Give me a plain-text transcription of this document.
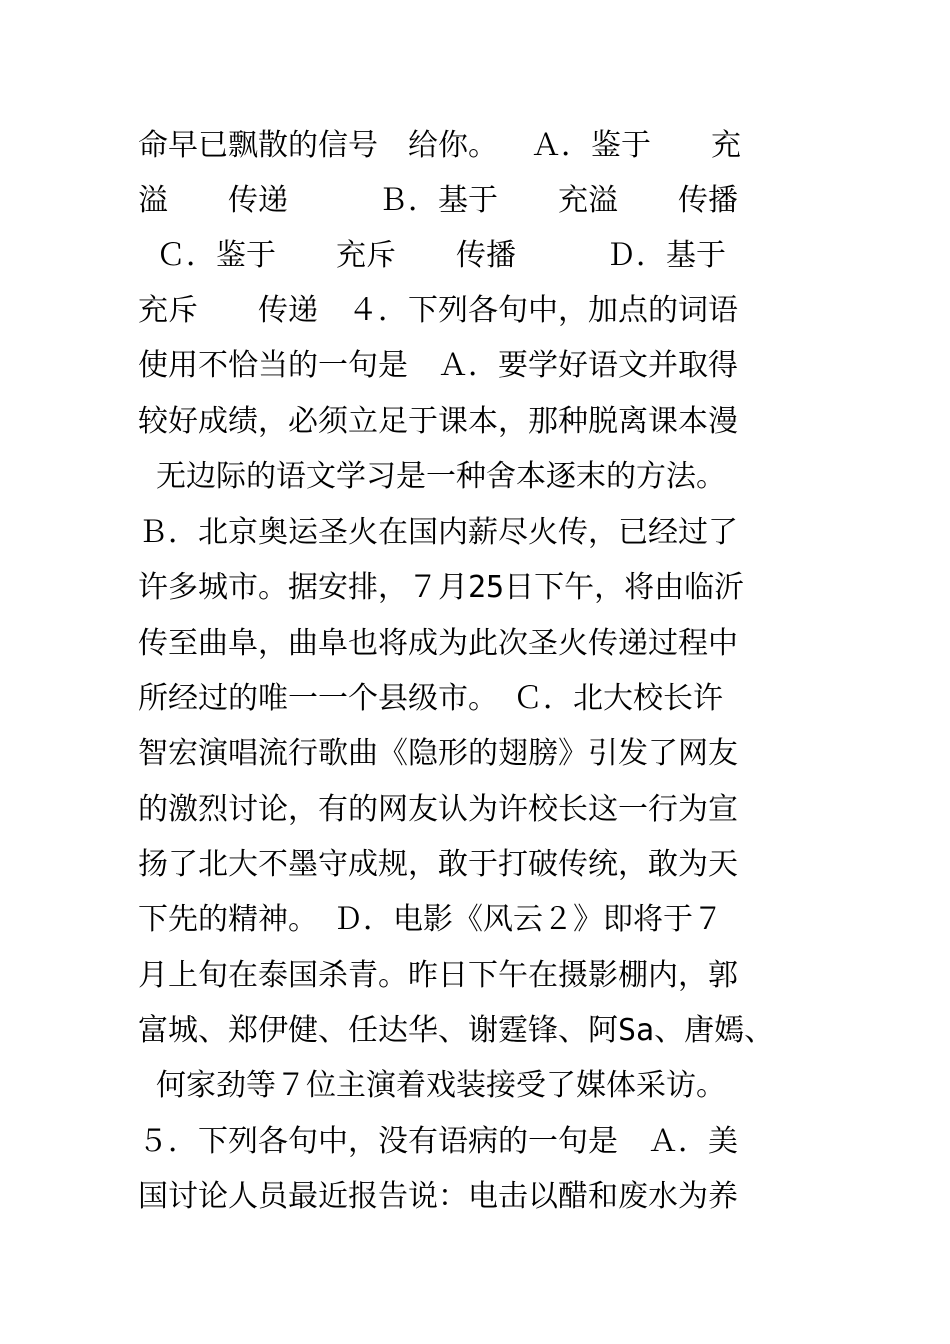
命早已飘散的信号　给你。　 Ａ．鉴于　　充
溢　　传递　　　Ｂ．基于　　充溢　　传播
Ｃ．鉴于　　充斥　　传播　　　Ｄ．基于
充斥　　传递　４．下列各句中，加点的词语
使用不恰当的一句是　Ａ．要学好语文并取得
较好成绩，必须立足于课本，那种脱离课本漫
无边际的语文学习是一种舍本逐末的方法。
Ｂ．北京奥运圣火在国内薪尽火传，已经过了
许多城市。据安排，７月25日下午，将由临沂
传至曲阜，曲阜也将成为此次圣火传递过程中
所经过的唯一一个县级市。　Ｃ．北大校长许
智宏演唱流行歌曲《隐形的翅膀》引发了网友
的激烈讨论，有的网友认为许校长这一行为宣
扬了北大不墨守成规，敢于打破传统，敢为天
下先的精神。　Ｄ．电影《风云２》即将于７
月上旬在泰国杀青。昨日下午在摄影棚内，郭
富城、郑伊健、任达华、谢霆锋、阿Sa、唐嫣、
何家劲等７位主演着戏装接受了媒体采访。
５．下列各句中，没有语病的一句是　Ａ．美
国讨论人员最近报告说：电击以醋和废水为养
